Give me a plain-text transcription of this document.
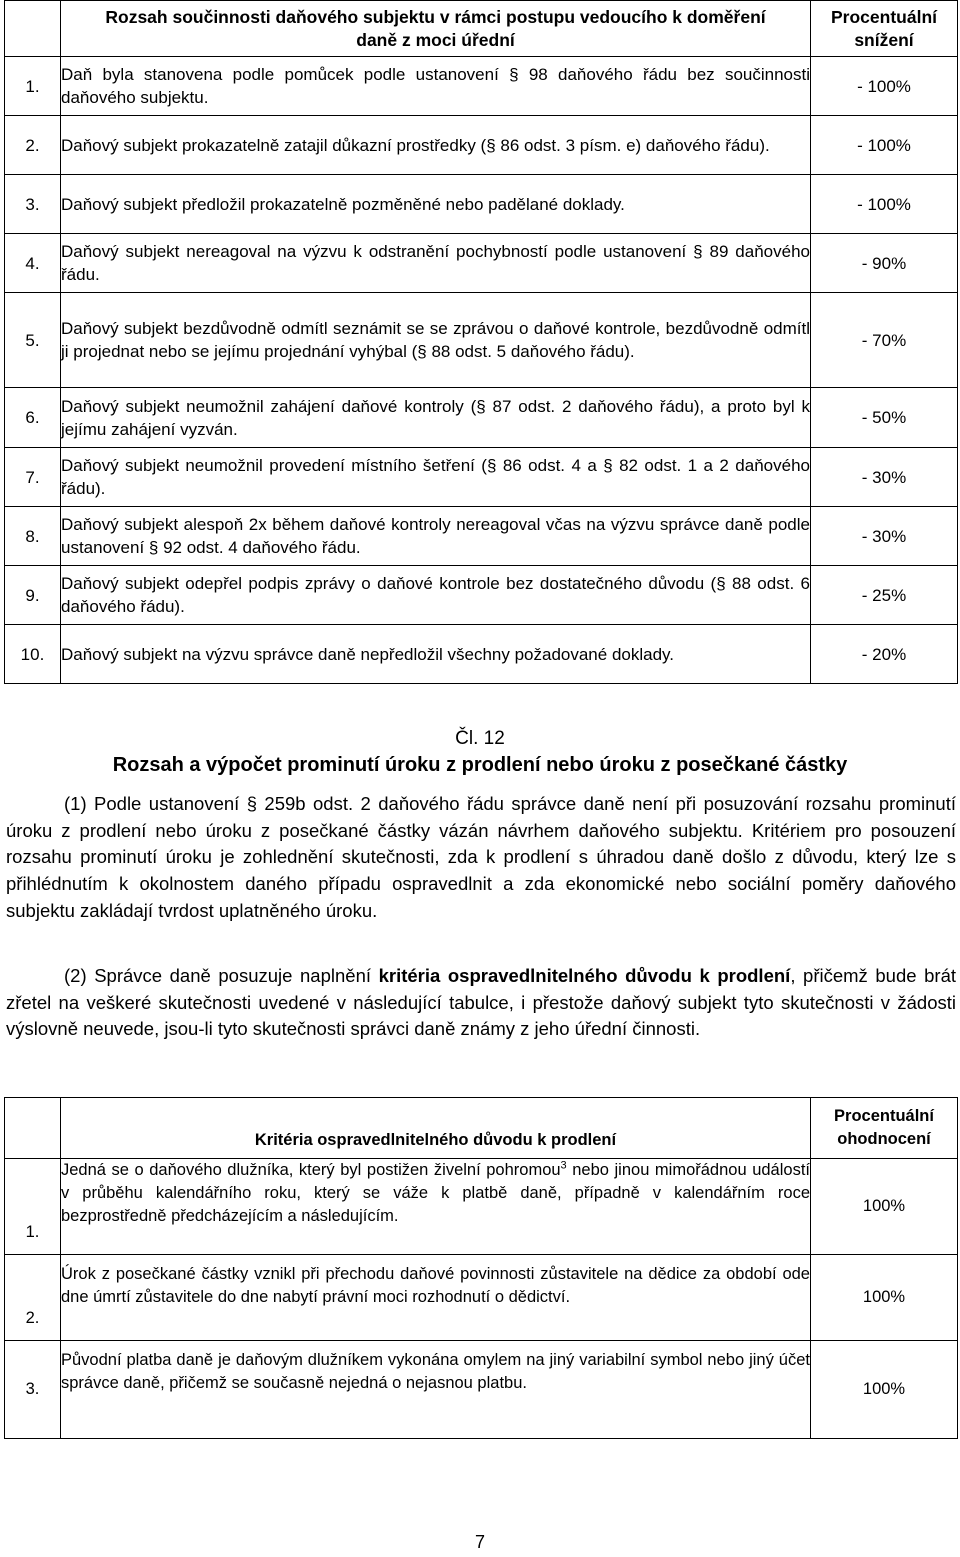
	Rozsah součinnosti daňového subjektu v rámci postupu vedoucího k doměření daně z moci úřední	Procentuální snížení
1.	Daň byla stanovena podle pomůcek podle ustanovení § 98 daňového řádu bez součinnosti daňového subjektu.	- 100%
2.	Daňový subjekt prokazatelně zatajil důkazní prostředky (§ 86 odst. 3 písm. e) daňového řádu).	- 100%
3.	Daňový subjekt předložil prokazatelně pozměněné nebo padělané doklady.	- 100%
4.	Daňový subjekt nereagoval na výzvu k odstranění pochybností podle ustanovení § 89 daňového řádu.	- 90%
5.	Daňový subjekt bezdůvodně odmítl seznámit se se zprávou o daňové kontrole, bezdůvodně odmítl ji projednat nebo se jejímu projednání vyhýbal (§ 88 odst. 5 daňového řádu).	- 70%
6.	Daňový subjekt neumožnil zahájení daňové kontroly (§ 87 odst. 2 daňového řádu), a proto byl k jejímu zahájení vyzván.	- 50%
7.	Daňový subjekt neumožnil provedení místního šetření (§ 86 odst. 4 a § 82 odst. 1 a 2 daňového řádu).	- 30%
8.	Daňový subjekt alespoň 2x během daňové kontroly nereagoval včas na výzvu správce daně podle ustanovení § 92 odst. 4 daňového řádu.	- 30%
9.	Daňový subjekt odepřel podpis zprávy o daňové kontrole bez dostatečného důvodu (§ 88 odst. 6 daňového řádu).	- 25%
10.	Daňový subjekt na výzvu správce daně nepředložil všechny požadované doklady.	- 20%
Čl. 12
Rozsah a výpočet prominutí úroku z prodlení nebo úroku z posečkané částky
(1) Podle ustanovení § 259b odst. 2 daňového řádu správce daně není při posuzování rozsahu prominutí úroku z prodlení nebo úroku z posečkané částky vázán návrhem daňového subjektu. Kritériem pro posouzení rozsahu prominutí úroku je zohlednění skutečnosti, zda k prodlení s úhradou daně došlo z důvodu, který lze s přihlédnutím k okolnostem daného případu ospravedlnit a zda ekonomické nebo sociální poměry daňového subjektu zakládají tvrdost uplatněného úroku.
(2) Správce daně posuzuje naplnění kritéria ospravedlnitelného důvodu k prodlení, přičemž bude brát zřetel na veškeré skutečnosti uvedené v následující tabulce, i přestože daňový subjekt tyto skutečnosti v žádosti výslovně neuvede, jsou-li tyto skutečnosti správci daně známy z jeho úřední činnosti.
	Kritéria ospravedlnitelného důvodu k prodlení	Procentuální ohodnocení
1.	Jedná se o daňového dlužníka, který byl postižen živelní pohromou$^3$ nebo jinou mimořádnou událostí v průběhu kalendářního roku, který se váže k platbě daně, případně v kalendářním roce bezprostředně předcházejícím a následujícím.	100%
2.	Úrok z posečkané částky vznikl při přechodu daňové povinnosti zůstavitele na dědice za období ode dne úmrtí zůstavitele do dne nabytí právní moci rozhodnutí o dědictví.	100%
3.	Původní platba daně je daňovým dlužníkem vykonána omylem na jiný variabilní symbol nebo jiný účet správce daně, přičemž se současně nejedná o nejasnou platbu.	100%
7
